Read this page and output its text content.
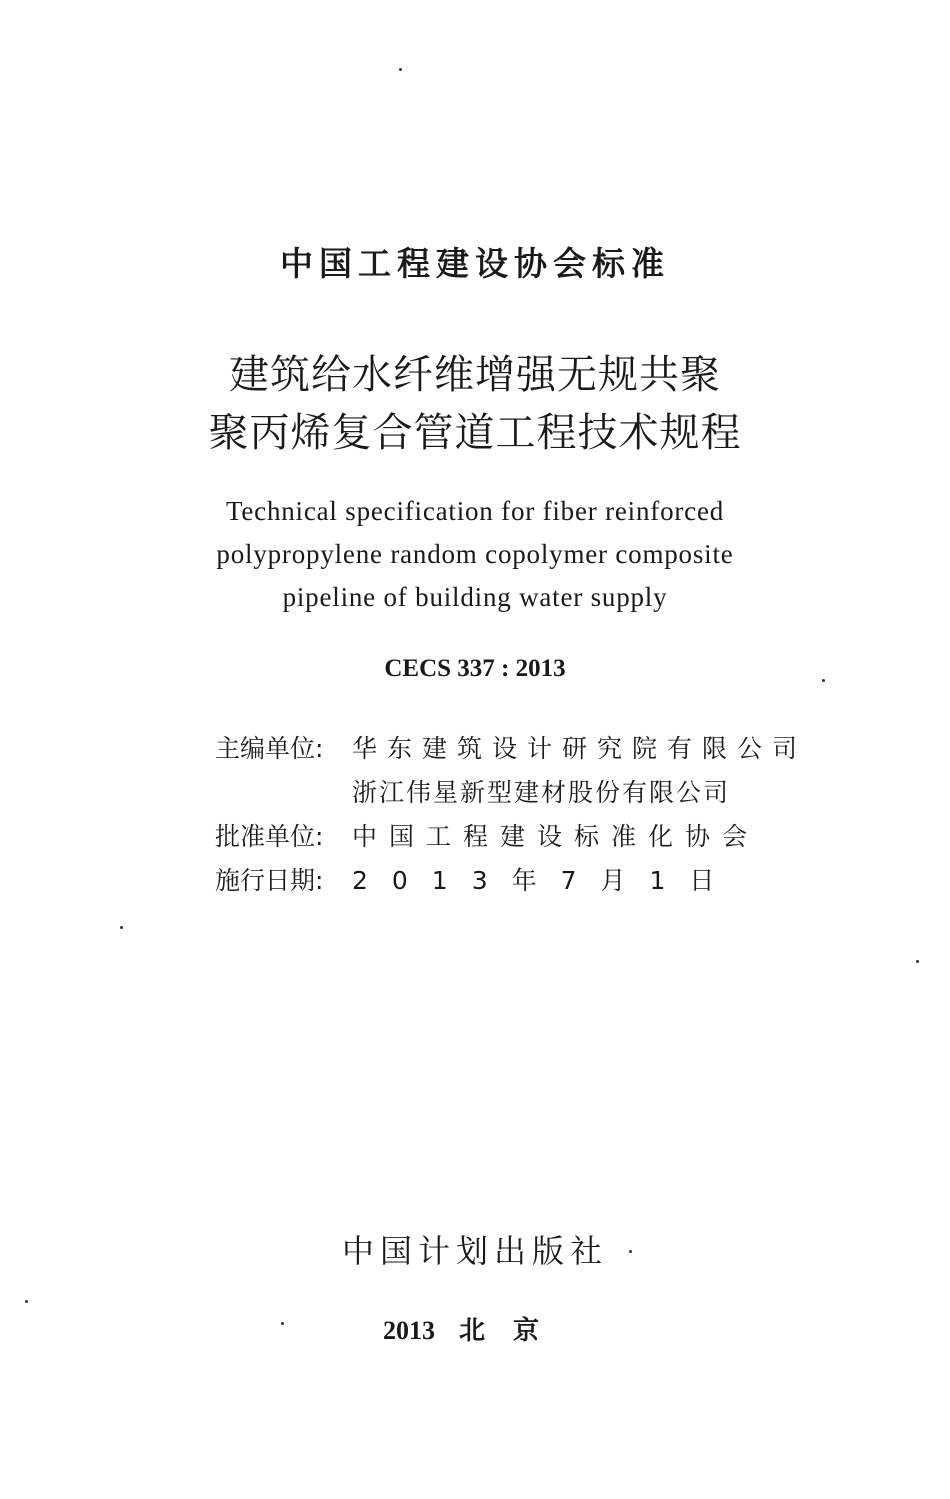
中国工程建设协会标准
建筑给水纤维增强无规共聚
聚丙烯复合管道工程技术规程
Technical specification for fiber reinforced
polypropylene random copolymer composite
pipeline of building water supply
CECS 337 : 2013
主编单位:	华东建筑设计研究院有限公司
浙江伟星新型建材股份有限公司
批准单位:	中国工程建设标准化协会
施行日期:	2013年7月1日
中国计划出版社
2013 北京
